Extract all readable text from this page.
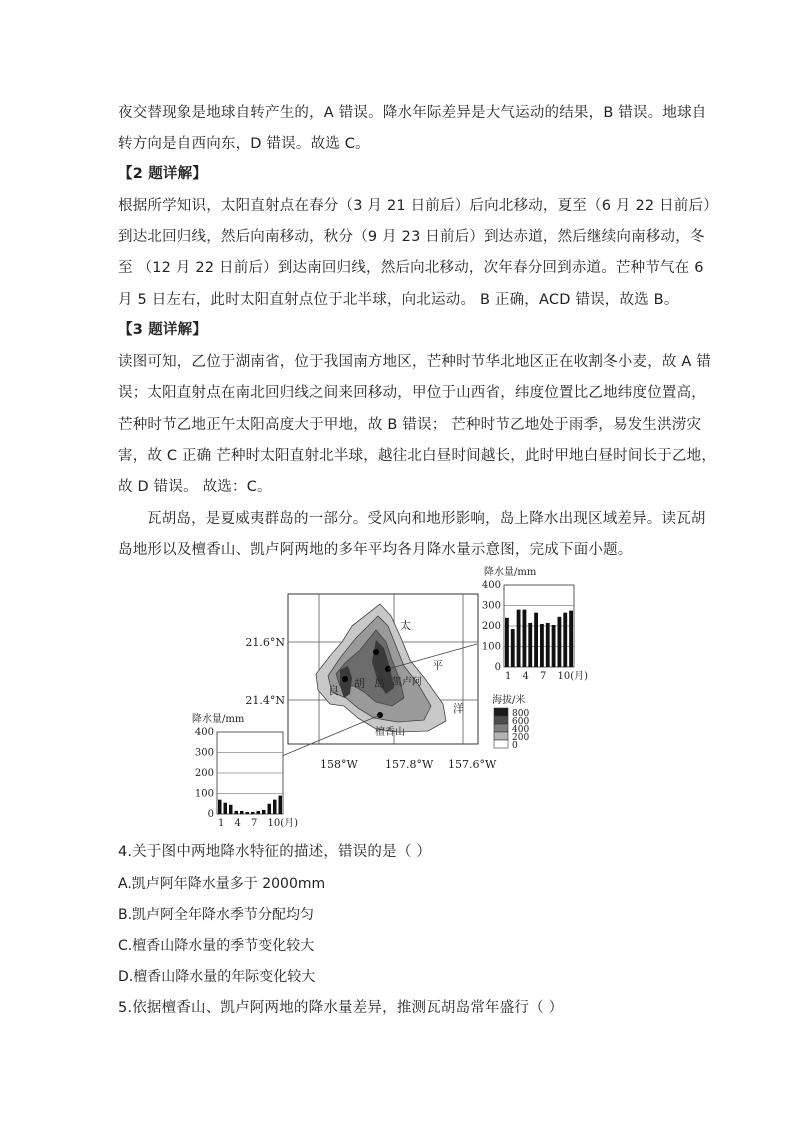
夜交替现象是地球自转产生的，A 错误。降水年际差异是大气运动的结果，B 错误。地球自
转方向是自西向东，D 错误。故选 C。
【2 题详解】
根据所学知识，太阳直射点在春分（3 月 21 日前后）后向北移动，夏至（6 月 22 日前后）
到达北回归线，然后向南移动，秋分（9 月 23 日前后）到达赤道，然后继续向南移动，冬
至 （12 月 22 日前后）到达南回归线，然后向北移动，次年春分回到赤道。芒种节气在 6
月 5 日左右，此时太阳直射点位于北半球，向北运动。 B 正确，ACD 错误，故选 B。
【3 题详解】
读图可知，乙位于湖南省，位于我国南方地区，芒种时节华北地区正在收割冬小麦，故 A 错
误；太阳直射点在南北回归线之间来回移动，甲位于山西省，纬度位置比乙地纬度位置高，
芒种时节乙地正午太阳高度大于甲地，故 B 错误； 芒种时节乙地处于雨季，易发生洪涝灾
害，故 C 正确 芒种时太阳直射北半球，越往北白昼时间越长，此时甲地白昼时间长于乙地，
故 D 错误。 故选：C。
瓦胡岛，是夏威夷群岛的一部分。受风向和地形影响，岛上降水出现区域差异。读瓦胡
岛地形以及檀香山、凯卢阿两地的多年平均各月降水量示意图，完成下面小题。
太
平
洋
良
胡 岛 凯卢阿
檀香山
21.6°N
21.4°N
158°W 157.8°W 157.6°W
海拔/米
800
600
400
200
0
降水量/mm
400
300
200
100
0
1 4 7 10(月)
降水量/mm
400
300
200
100
0
1 4 7 10(月)
4.关于图中两地降水特征的描述，错误的是（ ）
A.凯卢阿年降水量多于 2000mm
B.凯卢阿全年降水季节分配均匀
C.檀香山降水量的季节变化较大
D.檀香山降水量的年际变化较大
5.依据檀香山、凯卢阿两地的降水量差异，推测瓦胡岛常年盛行（ ）
